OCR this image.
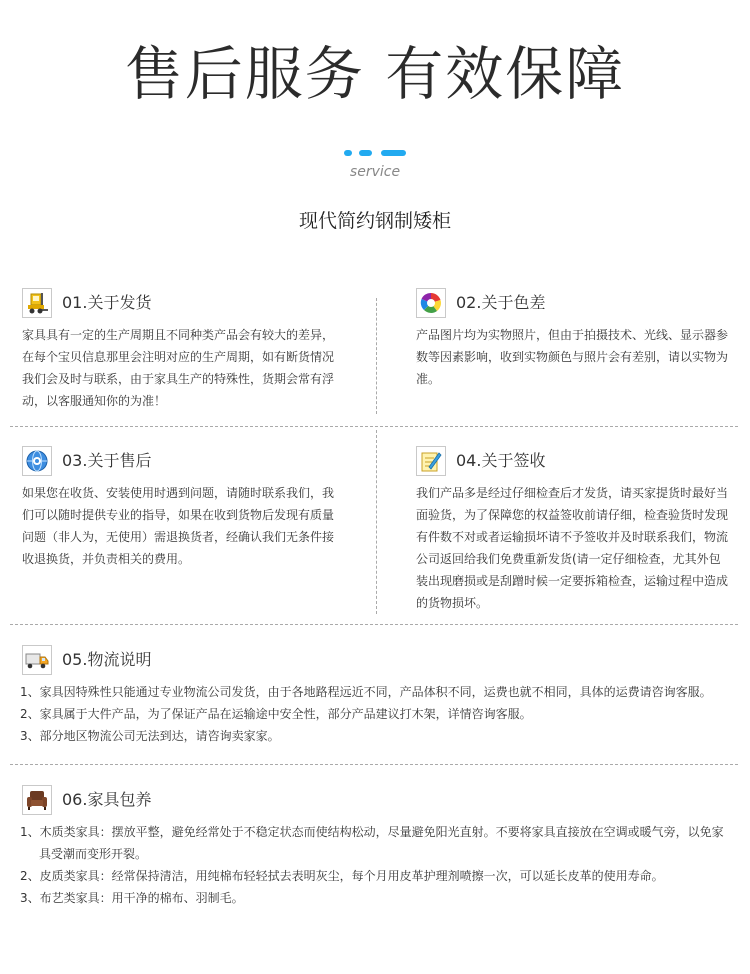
售后服务 有效保障
service
现代简约钢制矮柜
01.关于发货
家具具有一定的生产周期且不同种类产品会有较大的差异，在每个宝贝信息那里会注明对应的生产周期，如有断货情况我们会及时与联系，由于家具生产的特殊性，货期会常有浮动，以客服通知你的为准！
02.关于色差
产品图片均为实物照片，但由于拍摄技术、光线、显示器参数等因素影响，收到实物颜色与照片会有差别，请以实物为准。
03.关于售后
如果您在收货、安装使用时遇到问题，请随时联系我们，我们可以随时提供专业的指导，如果在收到货物后发现有质量问题（非人为，无使用）需退换货者，经确认我们无条件接收退换货，并负责相关的费用。
04.关于签收
我们产品多是经过仔细检查后才发货，请买家提货时最好当面验货，为了保障您的权益签收前请仔细，检查验货时发现有件数不对或者运输损坏请不予签收并及时联系我们，物流公司返回给我们免费重新发货(请一定仔细检查，尤其外包装出现磨损或是刮蹭时候一定要拆箱检查，运输过程中造成的货物损坏。
05.物流说明
1、家具因特殊性只能通过专业物流公司发货，由于各地路程远近不同，产品体积不同，运费也就不相同，具体的运费请咨询客服。
2、家具属于大件产品，为了保证产品在运输途中安全性，部分产品建议打木架，详情咨询客服。
3、部分地区物流公司无法到达，请咨询卖家家。
06.家具包养
1、木质类家具：摆放平整，避免经常处于不稳定状态而使结构松动，尽量避免阳光直射。不要将家具直接放在空调或暖气旁，以免家具受潮而变形开裂。
2、皮质类家具：经常保持清洁，用纯棉布轻轻拭去表明灰尘，每个月用皮革护理剂喷擦一次，可以延长皮革的使用寿命。
3、布艺类家具：用干净的棉布、羽制毛。
